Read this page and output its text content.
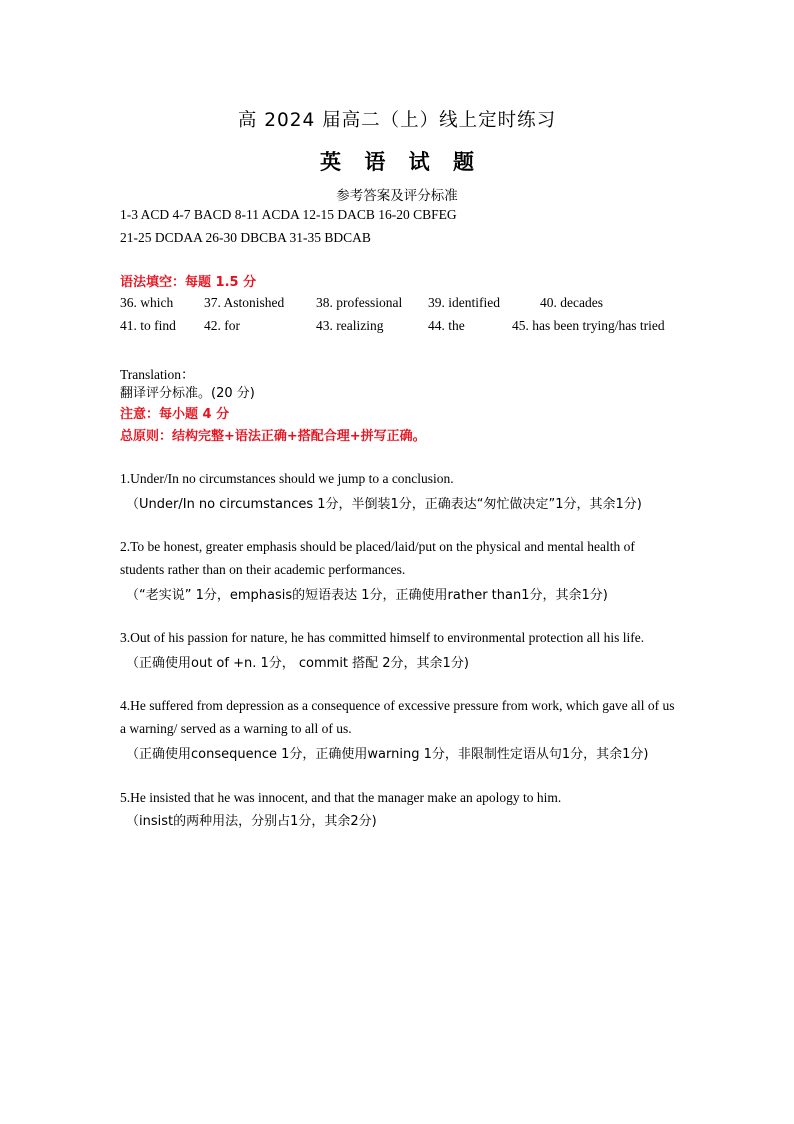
高 2024 届高二（上）线上定时练习
英 语 试 题
参考答案及评分标准
1-3 ACD 4-7 BACD 8-11 ACDA 12-15 DACB 16-20 CBFEG
21-25 DCDAA 26-30 DBCBA 31-35 BDCAB
语法填空：每题 1.5 分
36. which 37. Astonished 38. professional 39. identified	40. decades
41. to find 42. for	43. realizing	44. the	45. has been trying/has tried
Translation：
翻译评分标准。(20 分)
注意：每小题 4 分
总原则：结构完整+语法正确+搭配合理+拼写正确。
1.Under/In no circumstances should we jump to a conclusion.
（Under/In no circumstances 1分，半倒装1分，正确表达“匆忙做决定”1分，其余1分)
2.To be honest, greater emphasis should be placed/laid/put on the physical and mental health of students rather than on their academic performances.
（“老实说” 1分，emphasis的短语表达 1分，正确使用rather than1分，其余1分)
3.Out of his passion for nature, he has committed himself to environmental protection all his life.
（正确使用out of +n. 1分， commit 搭配 2分，其余1分)
4.He suffered from depression as a consequence of excessive pressure from work, which gave all of us a warning/ served as a warning to all of us.
（正确使用consequence 1分，正确使用warning 1分，非限制性定语从句1分，其余1分)
5.He insisted that he was innocent, and that the manager make an apology to him.
（insist的两种用法，分别占1分，其余2分)
